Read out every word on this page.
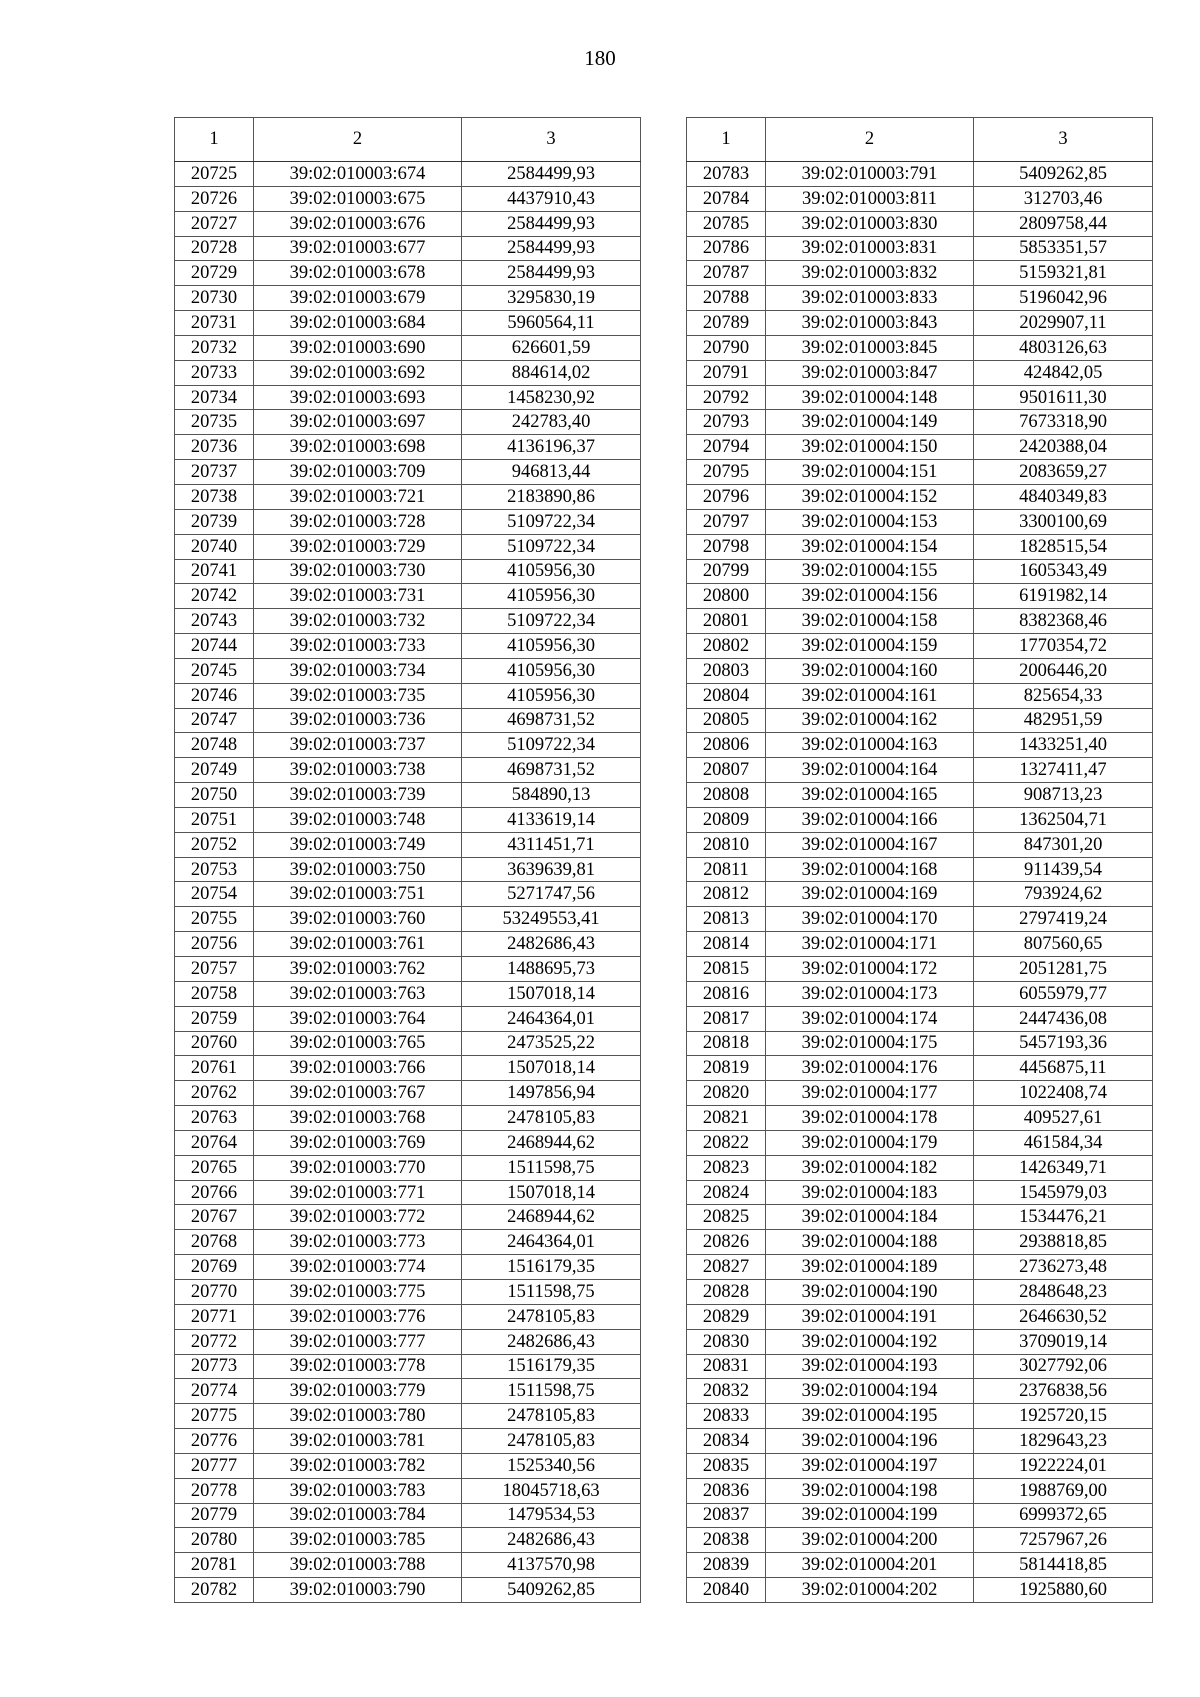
180
1	2	3
20725	39:02:010003:674	2584499,93
20726	39:02:010003:675	4437910,43
20727	39:02:010003:676	2584499,93
20728	39:02:010003:677	2584499,93
20729	39:02:010003:678	2584499,93
20730	39:02:010003:679	3295830,19
20731	39:02:010003:684	5960564,11
20732	39:02:010003:690	626601,59
20733	39:02:010003:692	884614,02
20734	39:02:010003:693	1458230,92
20735	39:02:010003:697	242783,40
20736	39:02:010003:698	4136196,37
20737	39:02:010003:709	946813,44
20738	39:02:010003:721	2183890,86
20739	39:02:010003:728	5109722,34
20740	39:02:010003:729	5109722,34
20741	39:02:010003:730	4105956,30
20742	39:02:010003:731	4105956,30
20743	39:02:010003:732	5109722,34
20744	39:02:010003:733	4105956,30
20745	39:02:010003:734	4105956,30
20746	39:02:010003:735	4105956,30
20747	39:02:010003:736	4698731,52
20748	39:02:010003:737	5109722,34
20749	39:02:010003:738	4698731,52
20750	39:02:010003:739	584890,13
20751	39:02:010003:748	4133619,14
20752	39:02:010003:749	4311451,71
20753	39:02:010003:750	3639639,81
20754	39:02:010003:751	5271747,56
20755	39:02:010003:760	53249553,41
20756	39:02:010003:761	2482686,43
20757	39:02:010003:762	1488695,73
20758	39:02:010003:763	1507018,14
20759	39:02:010003:764	2464364,01
20760	39:02:010003:765	2473525,22
20761	39:02:010003:766	1507018,14
20762	39:02:010003:767	1497856,94
20763	39:02:010003:768	2478105,83
20764	39:02:010003:769	2468944,62
20765	39:02:010003:770	1511598,75
20766	39:02:010003:771	1507018,14
20767	39:02:010003:772	2468944,62
20768	39:02:010003:773	2464364,01
20769	39:02:010003:774	1516179,35
20770	39:02:010003:775	1511598,75
20771	39:02:010003:776	2478105,83
20772	39:02:010003:777	2482686,43
20773	39:02:010003:778	1516179,35
20774	39:02:010003:779	1511598,75
20775	39:02:010003:780	2478105,83
20776	39:02:010003:781	2478105,83
20777	39:02:010003:782	1525340,56
20778	39:02:010003:783	18045718,63
20779	39:02:010003:784	1479534,53
20780	39:02:010003:785	2482686,43
20781	39:02:010003:788	4137570,98
20782	39:02:010003:790	5409262,85
1	2	3
20783	39:02:010003:791	5409262,85
20784	39:02:010003:811	312703,46
20785	39:02:010003:830	2809758,44
20786	39:02:010003:831	5853351,57
20787	39:02:010003:832	5159321,81
20788	39:02:010003:833	5196042,96
20789	39:02:010003:843	2029907,11
20790	39:02:010003:845	4803126,63
20791	39:02:010003:847	424842,05
20792	39:02:010004:148	9501611,30
20793	39:02:010004:149	7673318,90
20794	39:02:010004:150	2420388,04
20795	39:02:010004:151	2083659,27
20796	39:02:010004:152	4840349,83
20797	39:02:010004:153	3300100,69
20798	39:02:010004:154	1828515,54
20799	39:02:010004:155	1605343,49
20800	39:02:010004:156	6191982,14
20801	39:02:010004:158	8382368,46
20802	39:02:010004:159	1770354,72
20803	39:02:010004:160	2006446,20
20804	39:02:010004:161	825654,33
20805	39:02:010004:162	482951,59
20806	39:02:010004:163	1433251,40
20807	39:02:010004:164	1327411,47
20808	39:02:010004:165	908713,23
20809	39:02:010004:166	1362504,71
20810	39:02:010004:167	847301,20
20811	39:02:010004:168	911439,54
20812	39:02:010004:169	793924,62
20813	39:02:010004:170	2797419,24
20814	39:02:010004:171	807560,65
20815	39:02:010004:172	2051281,75
20816	39:02:010004:173	6055979,77
20817	39:02:010004:174	2447436,08
20818	39:02:010004:175	5457193,36
20819	39:02:010004:176	4456875,11
20820	39:02:010004:177	1022408,74
20821	39:02:010004:178	409527,61
20822	39:02:010004:179	461584,34
20823	39:02:010004:182	1426349,71
20824	39:02:010004:183	1545979,03
20825	39:02:010004:184	1534476,21
20826	39:02:010004:188	2938818,85
20827	39:02:010004:189	2736273,48
20828	39:02:010004:190	2848648,23
20829	39:02:010004:191	2646630,52
20830	39:02:010004:192	3709019,14
20831	39:02:010004:193	3027792,06
20832	39:02:010004:194	2376838,56
20833	39:02:010004:195	1925720,15
20834	39:02:010004:196	1829643,23
20835	39:02:010004:197	1922224,01
20836	39:02:010004:198	1988769,00
20837	39:02:010004:199	6999372,65
20838	39:02:010004:200	7257967,26
20839	39:02:010004:201	5814418,85
20840	39:02:010004:202	1925880,60
